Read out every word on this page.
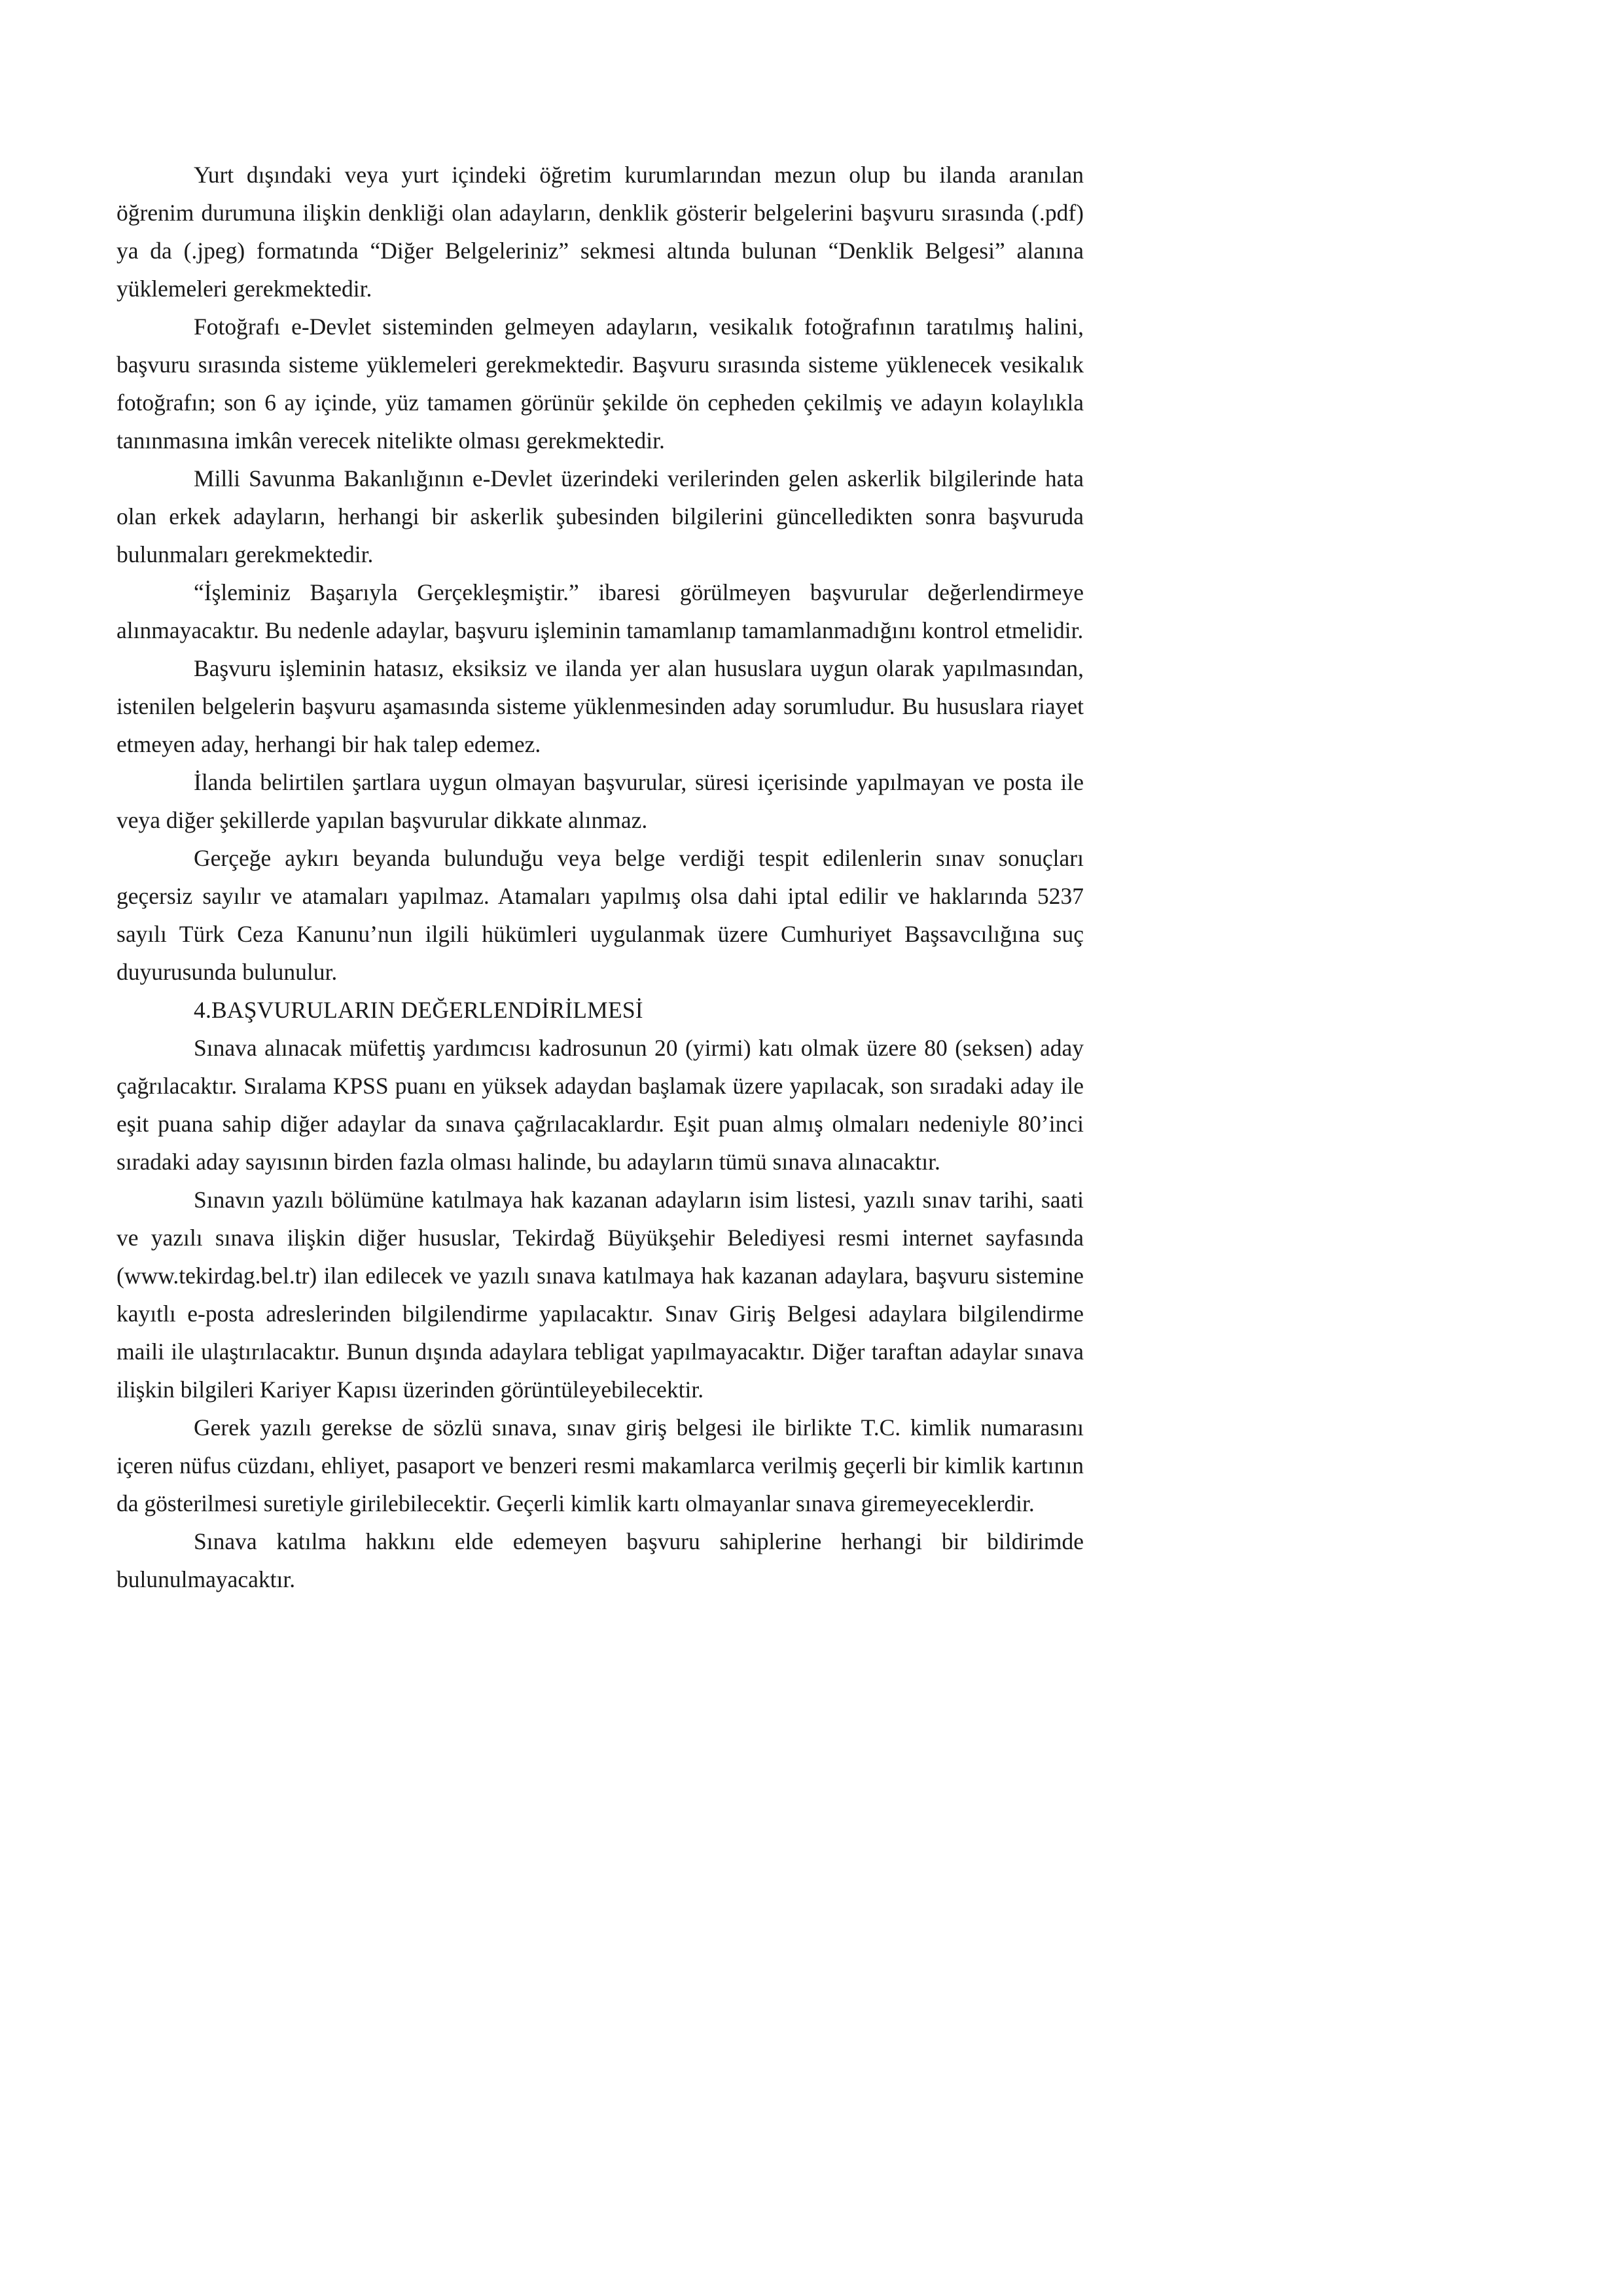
Yurt dışındaki veya yurt içindeki öğretim kurumlarından mezun olup bu ilanda aranılan öğrenim durumuna ilişkin denkliği olan adayların, denklik gösterir belgelerini başvuru sırasında (.pdf) ya da (.jpeg) formatında “Diğer Belgeleriniz” sekmesi altında bulunan “Denklik Belgesi” alanına yüklemeleri gerekmektedir.

Fotoğrafı e-Devlet sisteminden gelmeyen adayların, vesikalık fotoğrafının taratılmış halini, başvuru sırasında sisteme yüklemeleri gerekmektedir. Başvuru sırasında sisteme yüklenecek vesikalık fotoğrafın; son 6 ay içinde, yüz tamamen görünür şekilde ön cepheden çekilmiş ve adayın kolaylıkla tanınmasına imkân verecek nitelikte olması gerekmektedir.

Milli Savunma Bakanlığının e-Devlet üzerindeki verilerinden gelen askerlik bilgilerinde hata olan erkek adayların, herhangi bir askerlik şubesinden bilgilerini güncelledikten sonra başvuruda bulunmaları gerekmektedir.

“İşleminiz Başarıyla Gerçekleşmiştir.” ibaresi görülmeyen başvurular değerlendirmeye alınmayacaktır. Bu nedenle adaylar, başvuru işleminin tamamlanıp tamamlanmadığını kontrol etmelidir.

Başvuru işleminin hatasız, eksiksiz ve ilanda yer alan hususlara uygun olarak yapılmasından, istenilen belgelerin başvuru aşamasında sisteme yüklenmesinden aday sorumludur. Bu hususlara riayet etmeyen aday, herhangi bir hak talep edemez.

İlanda belirtilen şartlara uygun olmayan başvurular, süresi içerisinde yapılmayan ve posta ile veya diğer şekillerde yapılan başvurular dikkate alınmaz.

Gerçeğe aykırı beyanda bulunduğu veya belge verdiği tespit edilenlerin sınav sonuçları geçersiz sayılır ve atamaları yapılmaz. Atamaları yapılmış olsa dahi iptal edilir ve haklarında 5237 sayılı Türk Ceza Kanunu’nun ilgili hükümleri uygulanmak üzere Cumhuriyet Başsavcılığına suç duyurusunda bulunulur.

4.BAŞVURULARIN DEĞERLENDİRİLMESİ

Sınava alınacak müfettiş yardımcısı kadrosunun 20 (yirmi) katı olmak üzere 80 (seksen) aday çağrılacaktır. Sıralama KPSS puanı en yüksek adaydan başlamak üzere yapılacak, son sıradaki aday ile eşit puana sahip diğer adaylar da sınava çağrılacaklardır. Eşit puan almış olmaları nedeniyle 80’inci sıradaki aday sayısının birden fazla olması halinde, bu adayların tümü sınava alınacaktır.

Sınavın yazılı bölümüne katılmaya hak kazanan adayların isim listesi, yazılı sınav tarihi, saati ve yazılı sınava ilişkin diğer hususlar, Tekirdağ Büyükşehir Belediyesi resmi internet sayfasında (www.tekirdag.bel.tr) ilan edilecek ve yazılı sınava katılmaya hak kazanan adaylara, başvuru sistemine kayıtlı e-posta adreslerinden bilgilendirme yapılacaktır. Sınav Giriş Belgesi adaylara bilgilendirme maili ile ulaştırılacaktır. Bunun dışında adaylara tebligat yapılmayacaktır. Diğer taraftan adaylar sınava ilişkin bilgileri Kariyer Kapısı üzerinden görüntüleyebilecektir.

Gerek yazılı gerekse de sözlü sınava, sınav giriş belgesi ile birlikte T.C. kimlik numarasını içeren nüfus cüzdanı, ehliyet, pasaport ve benzeri resmi makamlarca verilmiş geçerli bir kimlik kartının da gösterilmesi suretiyle girilebilecektir. Geçerli kimlik kartı olmayanlar sınava giremeyeceklerdir.

Sınava katılma hakkını elde edemeyen başvuru sahiplerine herhangi bir bildirimde bulunulmayacaktır.
